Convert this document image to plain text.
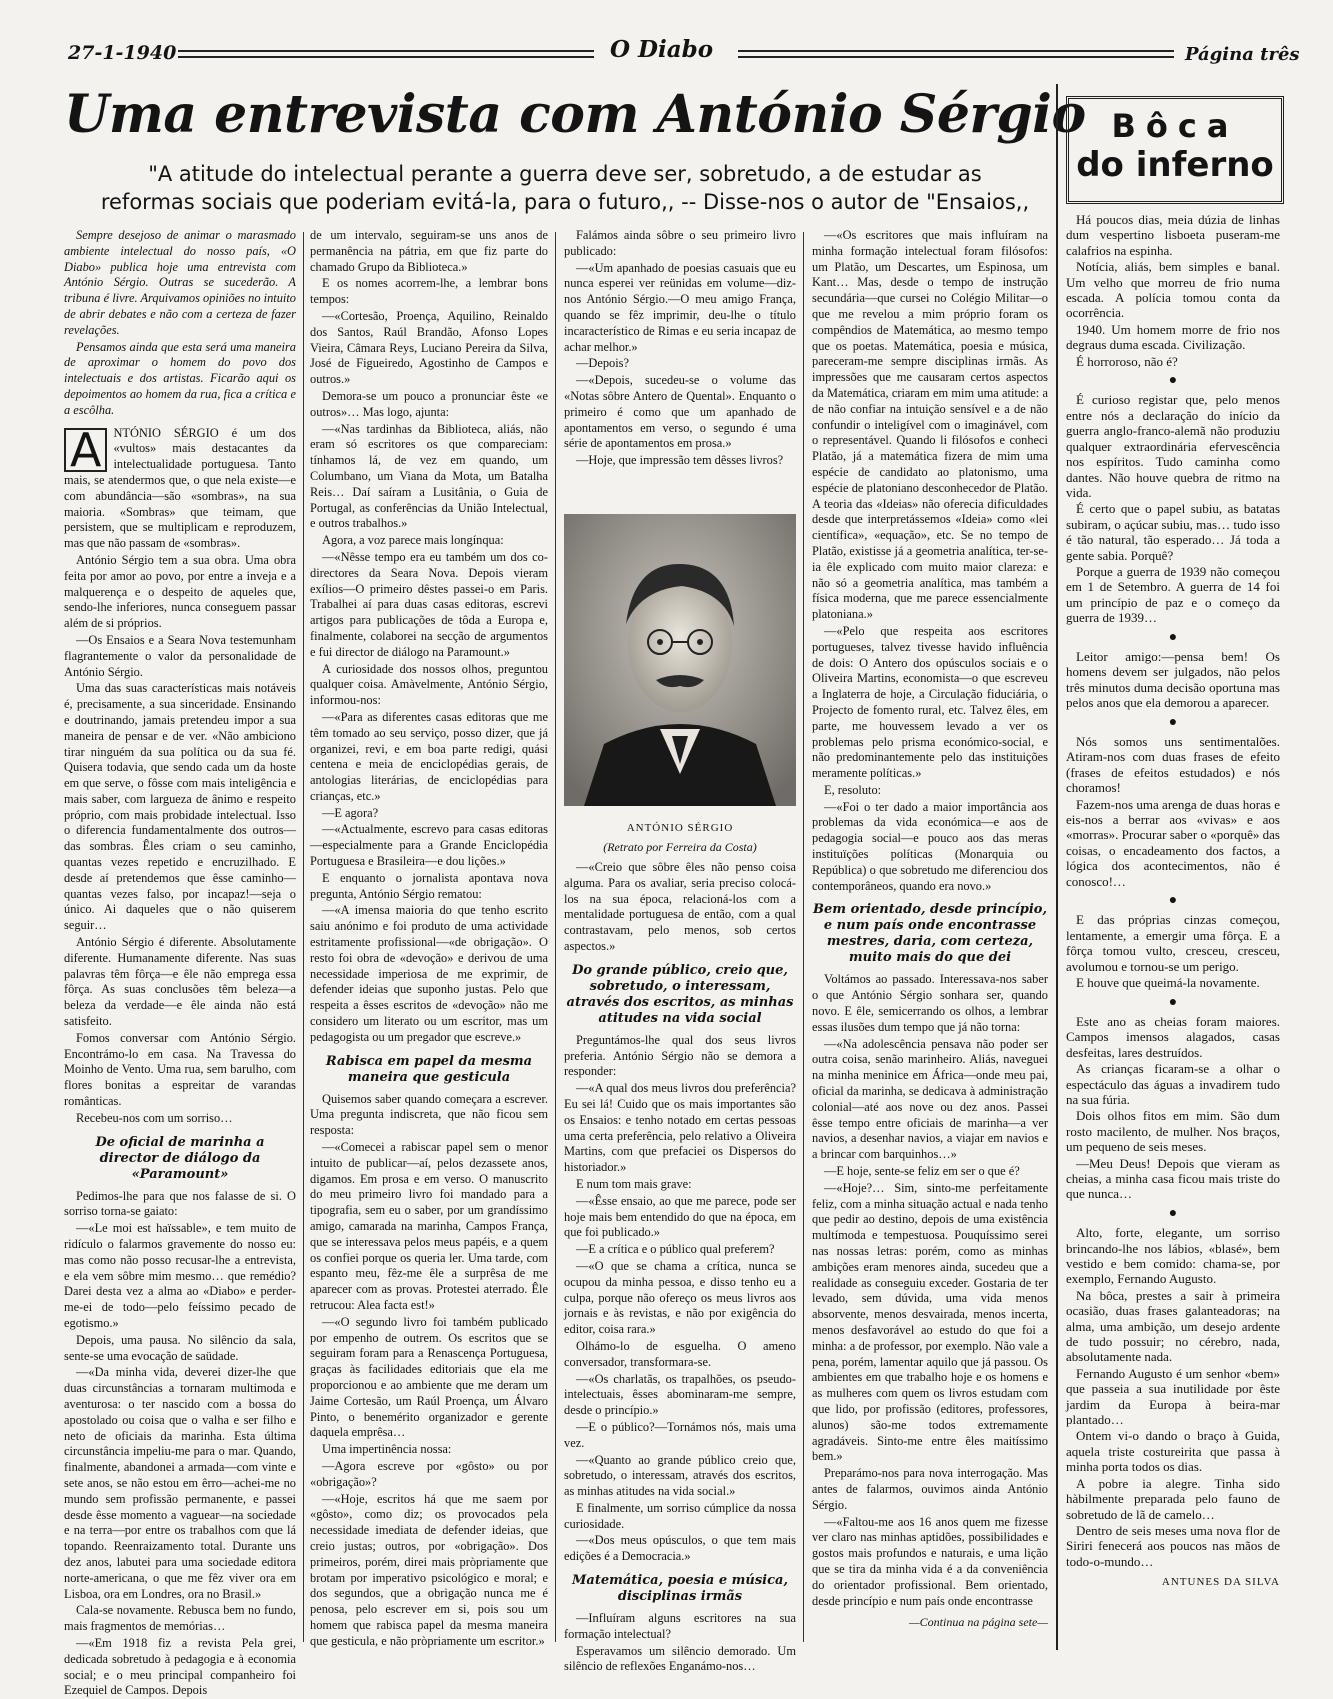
27-1-1940	O Diabo	Página três
Uma entrevista com António Sérgio
"A atitude do intelectual perante a guerra deve ser, sobretudo, a de estudar as reformas sociais que poderiam evitá-la, para o futuro,, -- Disse-nos o autor de "Ensaios,,

Sempre desejoso de animar o marasmado ambiente intelectual do nosso país, «O Diabo» publica hoje uma entrevista com António Sérgio. Outras se sucederão. A tribuna é livre. Arquivamos opiniões no intuito de abrir debates e não com a certeza de fazer revelações.

Pensamos ainda que esta será uma maneira de aproximar o homem do povo dos intelectuais e dos artistas. Ficarão aqui os depoimentos ao homem da rua, fica a crítica e a escôlha.

A NTÓNIO SÉRGIO é um dos «vultos» mais destacantes da intelectualidade portuguesa. Tanto mais, se atendermos que, o que nela existe—e com abundância—são «sombras», na sua maioria. «Sombras» que teimam, que persistem, que se multiplicam e reproduzem, mas que não passam de «sombras».

António Sérgio tem a sua obra. Uma obra feita por amor ao povo, por entre a inveja e a malquerença e o despeito de aqueles que, sendo-lhe inferiores, nunca conseguem passar além de si próprios.

—Os Ensaios e a Seara Nova testemunham flagrantemente o valor da personalidade de António Sérgio.

Uma das suas características mais notáveis é, precisamente, a sua sinceridade. Ensinando e doutrinando, jamais pretendeu impor a sua maneira de pensar e de ver. «Não ambiciono tirar ninguém da sua política ou da sua fé. Quisera todavia, que sendo cada um da hoste em que serve, o fôsse com mais inteligência e mais saber, com largueza de ânimo e respeito próprio, com mais probidade intelectual. Isso o diferencia fundamentalmente dos outros—das sombras. Êles criam o seu caminho, quantas vezes repetido e encruzilhado. E desde aí pretendemos que êsse caminho—quantas vezes falso, por incapaz!—seja o único. Ai daqueles que o não quiserem seguir…

António Sérgio é diferente. Absolutamente diferente. Humanamente diferente. Nas suas palavras têm fôrça—e êle não emprega essa fôrça. As suas conclusões têm beleza—a beleza da verdade—e êle ainda não está satisfeito.

Fomos conversar com António Sérgio. Encontrámo-lo em casa. Na Travessa do Moinho de Vento. Uma rua, sem barulho, com flores bonitas a espreitar de varandas românticas.

Recebeu-nos com um sorriso…

De oficial de marinha a director de diálogo da «Paramount»

Pedimos-lhe para que nos falasse de si. O sorriso torna-se gaiato:

—«Le moi est haïssable», e tem muito de ridículo o falarmos gravemente do nosso eu: mas como não posso recusar-lhe a entrevista, e ela vem sôbre mim mesmo… que remédio? Darei desta vez a alma ao «Diabo» e perder-me-ei de todo—pelo feíssimo pecado de egotismo.»

Depois, uma pausa. No silêncio da sala, sente-se uma evocação de saüdade.

—«Da minha vida, deverei dizer-lhe que duas circunstâncias a tornaram multimoda e aventurosa: o ter nascido com a bossa do apostolado ou coisa que o valha e ser filho e neto de oficiais da marinha. Esta última circunstância impeliu-me para o mar. Quando, finalmente, abandonei a armada—com vinte e sete anos, se não estou em êrro—achei-me no mundo sem profissão permanente, e passei desde êsse momento a vaguear—na sociedade e na terra—por entre os trabalhos com que lá topando. Reenraizamento total. Durante uns dez anos, labutei para uma sociedade editora norte-americana, o que me fêz viver ora em Lisboa, ora em Londres, ora no Brasil.»

Cala-se novamente. Rebusca bem no fundo, mais fragmentos de memórias…

—«Em 1918 fiz a revista Pela grei, dedicada sobretudo à pedagogia e à economia social; e o meu principal companheiro foi Ezequiel de Campos. Depois

de um intervalo, seguiram-se uns anos de permanência na pátria, em que fiz parte do chamado Grupo da Biblioteca.»

E os nomes acorrem-lhe, a lembrar bons tempos:

—«Cortesão, Proença, Aquilino, Reinaldo dos Santos, Raúl Brandão, Afonso Lopes Vieira, Câmara Reys, Luciano Pereira da Silva, José de Figueiredo, Agostinho de Campos e outros.»

Demora-se um pouco a pronunciar êste «e outros»… Mas logo, ajunta:

—«Nas tardinhas da Biblioteca, aliás, não eram só escritores os que compareciam: tínhamos lá, de vez em quando, um Columbano, um Viana da Mota, um Batalha Reis… Daí saíram a Lusitânia, o Guia de Portugal, as conferências da União Intelectual, e outros trabalhos.»

Agora, a voz parece mais longínqua:

—«Nêsse tempo era eu também um dos co-directores da Seara Nova. Depois vieram exílios—O primeiro dêstes passei-o em Paris. Trabalhei aí para duas casas editoras, escrevi artigos para publicações de tôda a Europa e, finalmente, colaborei na secção de argumentos e fui director de diálogo na Paramount.»

A curiosidade dos nossos olhos, preguntou qualquer coisa. Amàvelmente, António Sérgio, informou-nos:

—«Para as diferentes casas editoras que me têm tomado ao seu serviço, posso dizer, que já organizei, revi, e em boa parte redigi, quási centena e meia de enciclopédias gerais, de antologias literárias, de enciclopédias para crianças, etc.»

—E agora?

—«Actualmente, escrevo para casas editoras—especialmente para a Grande Enciclopédia Portuguesa e Brasileira—e dou lições.»

E enquanto o jornalista apontava nova pregunta, António Sérgio rematou:

—«A imensa maioria do que tenho escrito saiu anónimo e foi produto de uma actividade estritamente profissional—«de obrigação». O resto foi obra de «devoção» e derivou de uma necessidade imperiosa de me exprimir, de defender ideias que suponho justas. Pelo que respeita a êsses escritos de «devoção» não me considero um literato ou um escritor, mas um pedagogista ou um pregador que escreve.»

Rabisca em papel da mesma maneira que gesticula

Quisemos saber quando começara a escrever. Uma pregunta indiscreta, que não ficou sem resposta:

—«Comecei a rabiscar papel sem o menor intuito de publicar—aí, pelos dezassete anos, digamos. Em prosa e em verso. O manuscrito do meu primeiro livro foi mandado para a tipografia, sem eu o saber, por um grandíssimo amigo, camarada na marinha, Campos França, que se interessava pelos meus papéis, e a quem os confiei porque os queria ler. Uma tarde, com espanto meu, fêz-me êle a surprêsa de me aparecer com as provas. Protestei aterrado. Êle retrucou: Alea facta est!»

—«O segundo livro foi também publicado por empenho de outrem. Os escritos que se seguiram foram para a Renascença Portuguesa, graças às facilidades editoriais que ela me proporcionou e ao ambiente que me deram um Jaime Cortesão, um Raúl Proença, um Álvaro Pinto, o benemérito organizador e gerente daquela emprêsa…

Uma impertinência nossa:

—Agora escreve por «gôsto» ou por «obrigação»?

—«Hoje, escritos há que me saem por «gôsto», como diz; os provocados pela necessidade imediata de defender ideias, que creio justas; outros, por «obrigação». Dos primeiros, porém, direi mais pròpriamente que brotam por imperativo psicológico e moral; e dos segundos, que a obrigação nunca me é penosa, pelo escrever em si, pois sou um homem que rabisca papel da mesma maneira que gesticula, e não pròpriamente um escritor.»

Falámos ainda sôbre o seu primeiro livro publicado:

—«Um apanhado de poesias casuais que eu nunca esperei ver reünidas em volume—diz-nos António Sérgio.—O meu amigo França, quando se fêz imprimir, deu-lhe o título incaracterístico de Rimas e eu seria incapaz de achar melhor.»

—Depois?

—«Depois, sucedeu-se o volume das «Notas sôbre Antero de Quental». Enquanto o primeiro é como que um apanhado de apontamentos em verso, o segundo é uma série de apontamentos em prosa.»

—Hoje, que impressão tem dêsses livros?

ANTÓNIO SÉRGIO
(Retrato por Ferreira da Costa)

—«Creio que sôbre êles não penso coisa alguma. Para os avaliar, seria preciso colocá-los na sua época, relacioná-los com a mentalidade portuguesa de então, com a qual contrastavam, pelo menos, sob certos aspectos.»

Do grande público, creio que, sobretudo, o interessam, através dos escritos, as minhas atitudes na vida social

Preguntámos-lhe qual dos seus livros preferia. António Sérgio não se demora a responder:

—«A qual dos meus livros dou preferência? Eu sei lá! Cuido que os mais importantes são os Ensaios: e tenho notado em certas pessoas uma certa preferência, pelo relativo a Oliveira Martins, com que prefaciei os Dispersos do historiador.»

E num tom mais grave:

—«Êsse ensaio, ao que me parece, pode ser hoje mais bem entendido do que na época, em que foi publicado.»

—E a crítica e o público qual preferem?

—«O que se chama a crítica, nunca se ocupou da minha pessoa, e disso tenho eu a culpa, porque não ofereço os meus livros aos jornais e às revistas, e não por exigência do editor, coisa rara.»

Olhámo-lo de esguelha. O ameno conversador, transformara-se.

—«Os charlatãs, os trapalhões, os pseudo-intelectuais, êsses abominaram-me sempre, desde o princípio.»

—E o público?—Tornámos nós, mais uma vez.

—«Quanto ao grande público creio que, sobretudo, o interessam, através dos escritos, as minhas atitudes na vida social.»

E finalmente, um sorriso cúmplice da nossa curiosidade.

—«Dos meus opúsculos, o que tem mais edições é a Democracia.»

Matemática, poesia e música, disciplinas irmãs

—Influíram alguns escritores na sua formação intelectual?

Esperavamos um silêncio demorado. Um silêncio de reflexões Enganámo-nos…

—«Os escritores que mais influíram na minha formação intelectual foram filósofos: um Platão, um Descartes, um Espinosa, um Kant… Mas, desde o tempo de instrução secundária—que cursei no Colégio Militar—o que me revelou a mim próprio foram os compêndios de Matemática, ao mesmo tempo que os poetas. Matemática, poesia e música, pareceram-me sempre disciplinas irmãs. As impressões que me causaram certos aspectos da Matemática, criaram em mim uma atitude: a de não confiar na intuição sensível e a de não confundir o inteligível com o imaginável, com o representável. Quando li filósofos e conheci Platão, já a matemática fizera de mim uma espécie de candidato ao platonismo, uma espécie de platoniano desconhecedor de Platão. A teoria das «Ideias» não oferecia dificuldades desde que interpretássemos «Ideia» como «lei científica», «equação», etc. Se no tempo de Platão, existisse já a geometria analítica, ter-se-ia êle explicado com muito maior clareza: e não só a geometria analítica, mas também a física moderna, que me parece essencialmente platoniana.»

—«Pelo que respeita aos escritores portugueses, talvez tivesse havido influência de dois: O Antero dos opúsculos sociais e o Oliveira Martins, economista—o que escreveu a Inglaterra de hoje, a Circulação fiduciária, o Projecto de fomento rural, etc. Talvez êles, em parte, me houvessem levado a ver os problemas pelo prisma económico-social, e não predominantemente pelo das instituições meramente políticas.»

E, resoluto:

—«Foi o ter dado a maior importância aos problemas da vida económica—e aos de pedagogia social—e pouco aos das meras instituïções políticas (Monarquia ou República) o que sobretudo me diferenciou dos contemporâneos, quando era novo.»

Bem orientado, desde princípio, e num país onde encontrasse mestres, daria, com certeza, muito mais do que dei

Voltámos ao passado. Interessava-nos saber o que António Sérgio sonhara ser, quando novo. E êle, semicerrando os olhos, a lembrar essas ilusões dum tempo que já não torna:

—«Na adolescência pensava não poder ser outra coisa, senão marinheiro. Aliás, naveguei na minha meninice em África—onde meu pai, oficial da marinha, se dedicava à administração colonial—até aos nove ou dez anos. Passei êsse tempo entre oficiais de marinha—a ver navios, a desenhar navios, a viajar em navios e a brincar com barquinhos…»

—E hoje, sente-se feliz em ser o que é?

—«Hoje?… Sim, sinto-me perfeitamente feliz, com a minha situação actual e nada tenho que pedir ao destino, depois de uma existência multímoda e tempestuosa. Pouquíssimo serei nas nossas letras: porém, como as minhas ambições eram menores ainda, sucedeu que a realidade as conseguiu exceder. Gostaria de ter levado, sem dúvida, uma vida menos absorvente, menos desvairada, menos incerta, menos desfavorável ao estudo do que foi a minha: a de professor, por exemplo. Não vale a pena, porém, lamentar aquilo que já passou. Os ambientes em que trabalho hoje e os homens e as mulheres com quem os livros estudam com que lido, por profissão (editores, professores, alunos) são-me todos extremamente agradáveis. Sinto-me entre êles maitíssimo bem.»

Preparámo-nos para nova interrogação. Mas antes de falarmos, ouvimos ainda António Sérgio.

—«Faltou-me aos 16 anos quem me fizesse ver claro nas minhas aptidões, possibilidades e gostos mais profundos e naturais, e uma lição que se tira da minha vida é a da conveniência do orientador profissional. Bem orientado, desde princípio e num país onde encontrasse

—Continua na página sete—
Bôca
do inferno

Há poucos dias, meia dúzia de linhas dum vespertino lisboeta puseram-me calafrios na espinha.

Notícia, aliás, bem simples e banal. Um velho que morreu de frio numa escada. A polícia tomou conta da ocorrência.

1940. Um homem morre de frio nos degraus duma escada. Civilização.

É horroroso, não é?

●

É curioso registar que, pelo menos entre nós a declaração do início da guerra anglo-franco-alemã não produziu qualquer extraordinária efervescência nos espíritos. Tudo caminha como dantes. Não houve quebra de ritmo na vida.

É certo que o papel subiu, as batatas subiram, o açúcar subiu, mas… tudo isso é tão natural, tão esperado… Já toda a gente sabia. Porquê?

Porque a guerra de 1939 não começou em 1 de Setembro. A guerra de 14 foi um princípio de paz e o começo da guerra de 1939…

●

Leitor amigo:—pensa bem! Os homens devem ser julgados, não pelos três minutos duma decisão oportuna mas pelos anos que ela demorou a aparecer.

●

Nós somos uns sentimentalões. Atiram-nos com duas frases de efeito (frases de efeitos estudados) e nós choramos!

Fazem-nos uma arenga de duas horas e eis-nos a berrar aos «vivas» e aos «morras». Procurar saber o «porquê» das coisas, o encadeamento dos factos, a lógica dos acontecimentos, não é conosco!…

●

E das próprias cinzas começou, lentamente, a emergir uma fôrça. E a fôrça tomou vulto, cresceu, cresceu, avolumou e tornou-se um perigo.

E houve que queimá-la novamente.

●

Este ano as cheias foram maiores. Campos imensos alagados, casas desfeitas, lares destruídos.

As crianças ficaram-se a olhar o espectáculo das águas a invadirem tudo na sua fúria.

Dois olhos fitos em mim. São dum rosto macilento, de mulher. Nos braços, um pequeno de seis meses.

—Meu Deus! Depois que vieram as cheias, a minha casa ficou mais triste do que nunca…

●

Alto, forte, elegante, um sorriso brincando-lhe nos lábios, «blasé», bem vestido e bem comido: chama-se, por exemplo, Fernando Augusto.

Na bôca, prestes a sair à primeira ocasião, duas frases galanteadoras; na alma, uma ambição, um desejo ardente de tudo possuir; no cérebro, nada, absolutamente nada.

Fernando Augusto é um senhor «bem» que passeia a sua inutilidade por êste jardim da Europa à beira-mar plantado…

Ontem vi-o dando o braço à Guida, aquela triste costureirita que passa à minha porta todos os dias.

A pobre ia alegre. Tinha sido hàbilmente preparada pelo fauno de sobretudo de lã de camelo…

Dentro de seis meses uma nova flor de Siriri fenecerá aos poucos nas mãos de todo-o-mundo…

ANTUNES DA SILVA
